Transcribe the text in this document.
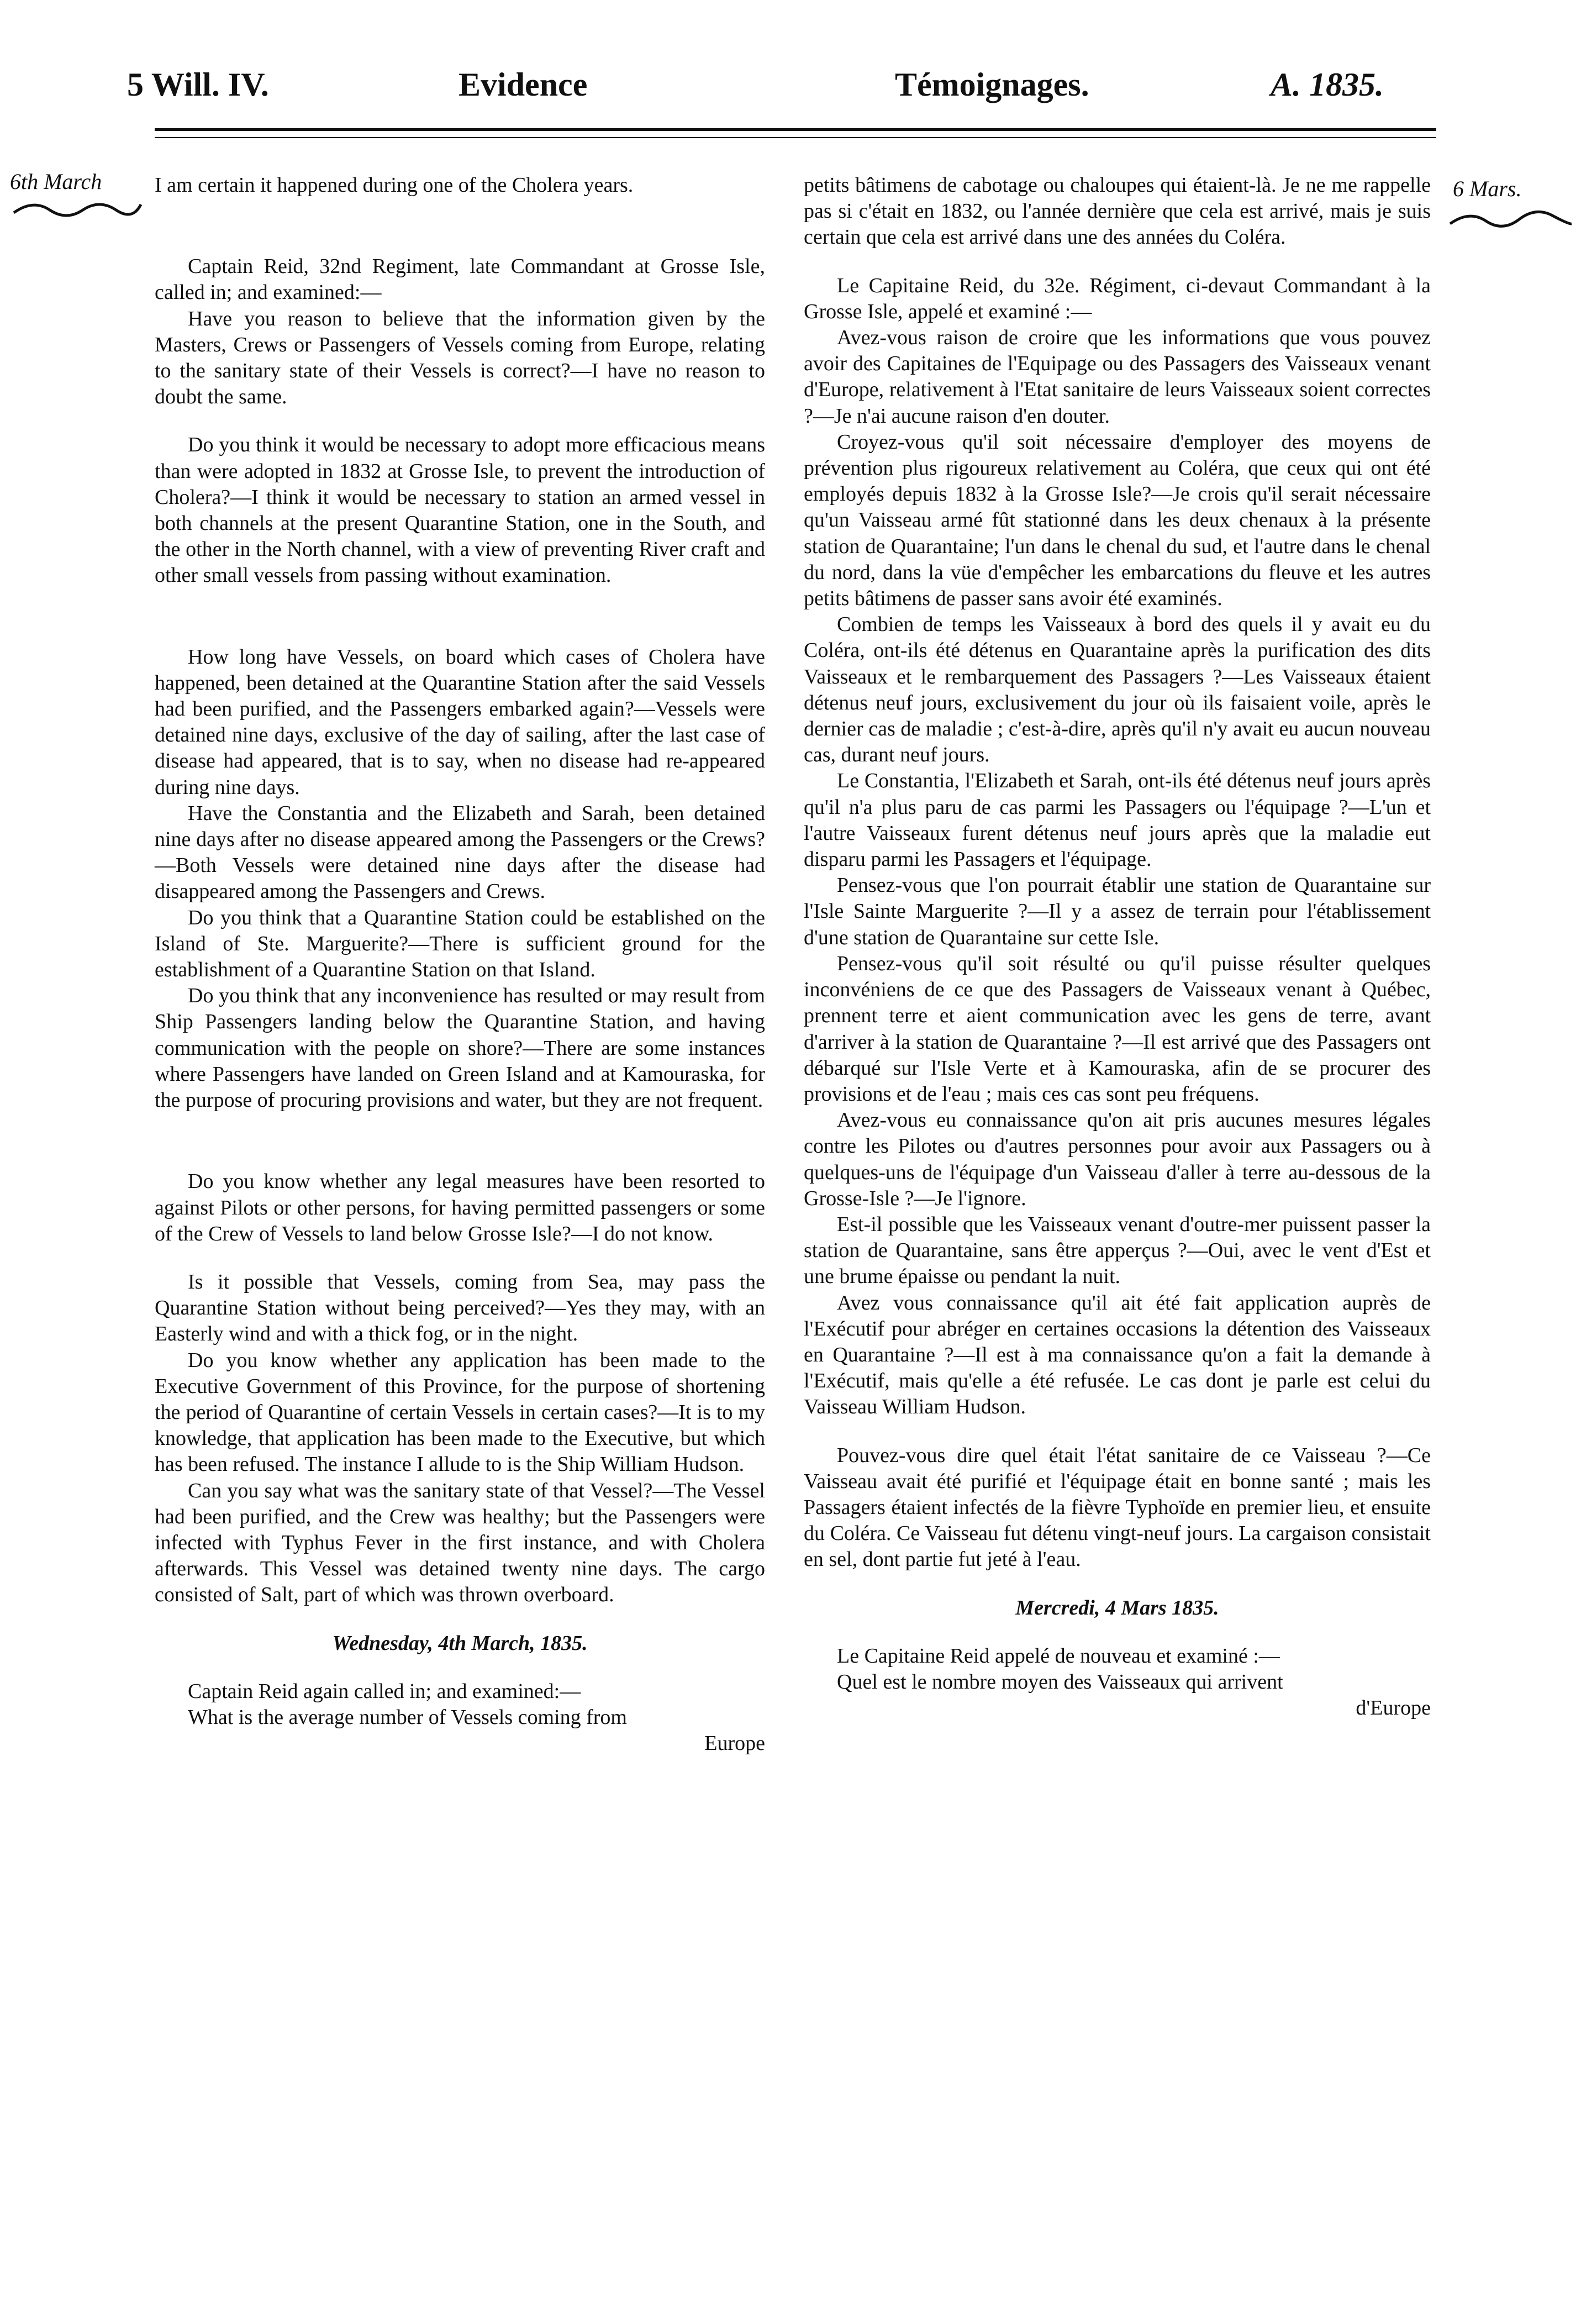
5 Will. IV.	Evidence	Témoignages.	A. 1835.
6th March	6 Mars.

I am certain it happened during one of the Cholera years.

Captain Reid, 32nd Regiment, late Commandant at Grosse Isle, called in; and examined:—

Have you reason to believe that the information given by the Masters, Crews or Passengers of Vessels coming from Europe, relating to the sanitary state of their Vessels is correct?—I have no reason to doubt the same.

Do you think it would be necessary to adopt more efficacious means than were adopted in 1832 at Grosse Isle, to prevent the introduction of Cholera?—I think it would be necessary to station an armed vessel in both channels at the present Quarantine Station, one in the South, and the other in the North channel, with a view of preventing River craft and other small vessels from passing without examination.

How long have Vessels, on board which cases of Cholera have happened, been detained at the Quarantine Station after the said Vessels had been purified, and the Passengers embarked again?—Vessels were detained nine days, exclusive of the day of sailing, after the last case of disease had appeared, that is to say, when no disease had re-appeared during nine days.

Have the Constantia and the Elizabeth and Sarah, been detained nine days after no disease appeared among the Passengers or the Crews?—Both Vessels were detained nine days after the disease had disappeared among the Passengers and Crews.

Do you think that a Quarantine Station could be established on the Island of Ste. Marguerite?—There is sufficient ground for the establishment of a Quarantine Station on that Island.

Do you think that any inconvenience has resulted or may result from Ship Passengers landing below the Quarantine Station, and having communication with the people on shore?—There are some instances where Passengers have landed on Green Island and at Kamouraska, for the purpose of procuring provisions and water, but they are not frequent.

Do you know whether any legal measures have been resorted to against Pilots or other persons, for having permitted passengers or some of the Crew of Vessels to land below Grosse Isle?—I do not know.

Is it possible that Vessels, coming from Sea, may pass the Quarantine Station without being perceived?—Yes they may, with an Easterly wind and with a thick fog, or in the night.

Do you know whether any application has been made to the Executive Government of this Province, for the purpose of shortening the period of Quarantine of certain Vessels in certain cases?—It is to my knowledge, that application has been made to the Executive, but which has been refused. The instance I allude to is the Ship William Hudson.

Can you say what was the sanitary state of that Vessel?—The Vessel had been purified, and the Crew was healthy; but the Passengers were infected with Typhus Fever in the first instance, and with Cholera afterwards. This Vessel was detained twenty nine days. The cargo consisted of Salt, part of which was thrown overboard.

Wednesday, 4th March, 1835.

Captain Reid again called in; and examined:—

What is the average number of Vessels coming from

Europe

petits bâtimens de cabotage ou chaloupes qui étaient-là. Je ne me rappelle pas si c'était en 1832, ou l'année dernière que cela est arrivé, mais je suis certain que cela est arrivé dans une des années du Coléra.

Le Capitaine Reid, du 32e. Régiment, ci-devaut Commandant à la Grosse Isle, appelé et examiné :—

Avez-vous raison de croire que les informations que vous pouvez avoir des Capitaines de l'Equipage ou des Passagers des Vaisseaux venant d'Europe, relativement à l'Etat sanitaire de leurs Vaisseaux soient correctes ?—Je n'ai aucune raison d'en douter.

Croyez-vous qu'il soit nécessaire d'employer des moyens de prévention plus rigoureux relativement au Coléra, que ceux qui ont été employés depuis 1832 à la Grosse Isle?—Je crois qu'il serait nécessaire qu'un Vaisseau armé fût stationné dans les deux chenaux à la présente station de Quarantaine; l'un dans le chenal du sud, et l'autre dans le chenal du nord, dans la vüe d'empêcher les embarcations du fleuve et les autres petits bâtimens de passer sans avoir été examinés.

Combien de temps les Vaisseaux à bord des quels il y avait eu du Coléra, ont-ils été détenus en Quarantaine après la purification des dits Vaisseaux et le rembarquement des Passagers ?—Les Vaisseaux étaient détenus neuf jours, exclusivement du jour où ils faisaient voile, après le dernier cas de maladie ; c'est-à-dire, après qu'il n'y avait eu aucun nouveau cas, durant neuf jours.

Le Constantia, l'Elizabeth et Sarah, ont-ils été détenus neuf jours après qu'il n'a plus paru de cas parmi les Passagers ou l'équipage ?—L'un et l'autre Vaisseaux furent détenus neuf jours après que la maladie eut disparu parmi les Passagers et l'équipage.

Pensez-vous que l'on pourrait établir une station de Quarantaine sur l'Isle Sainte Marguerite ?—Il y a assez de terrain pour l'établissement d'une station de Quarantaine sur cette Isle.

Pensez-vous qu'il soit résulté ou qu'il puisse résulter quelques inconvéniens de ce que des Passagers de Vaisseaux venant à Québec, prennent terre et aient communication avec les gens de terre, avant d'arriver à la station de Quarantaine ?—Il est arrivé que des Passagers ont débarqué sur l'Isle Verte et à Kamouraska, afin de se procurer des provisions et de l'eau ; mais ces cas sont peu fréquens.

Avez-vous eu connaissance qu'on ait pris aucunes mesures légales contre les Pilotes ou d'autres personnes pour avoir aux Passagers ou à quelques-uns de l'équipage d'un Vaisseau d'aller à terre au-dessous de la Grosse-Isle ?—Je l'ignore.

Est-il possible que les Vaisseaux venant d'outre-mer puissent passer la station de Quarantaine, sans être apperçus ?—Oui, avec le vent d'Est et une brume épaisse ou pendant la nuit.

Avez vous connaissance qu'il ait été fait application auprès de l'Exécutif pour abréger en certaines occasions la détention des Vaisseaux en Quarantaine ?—Il est à ma connaissance qu'on a fait la demande à l'Exécutif, mais qu'elle a été refusée. Le cas dont je parle est celui du Vaisseau William Hudson.

Pouvez-vous dire quel était l'état sanitaire de ce Vaisseau ?—Ce Vaisseau avait été purifié et l'équipage était en bonne santé ; mais les Passagers étaient infectés de la fièvre Typhoïde en premier lieu, et ensuite du Coléra. Ce Vaisseau fut détenu vingt-neuf jours. La cargaison consistait en sel, dont partie fut jeté à l'eau.

Mercredi, 4 Mars 1835.

Le Capitaine Reid appelé de nouveau et examiné :—

Quel est le nombre moyen des Vaisseaux qui arrivent

d'Europe
